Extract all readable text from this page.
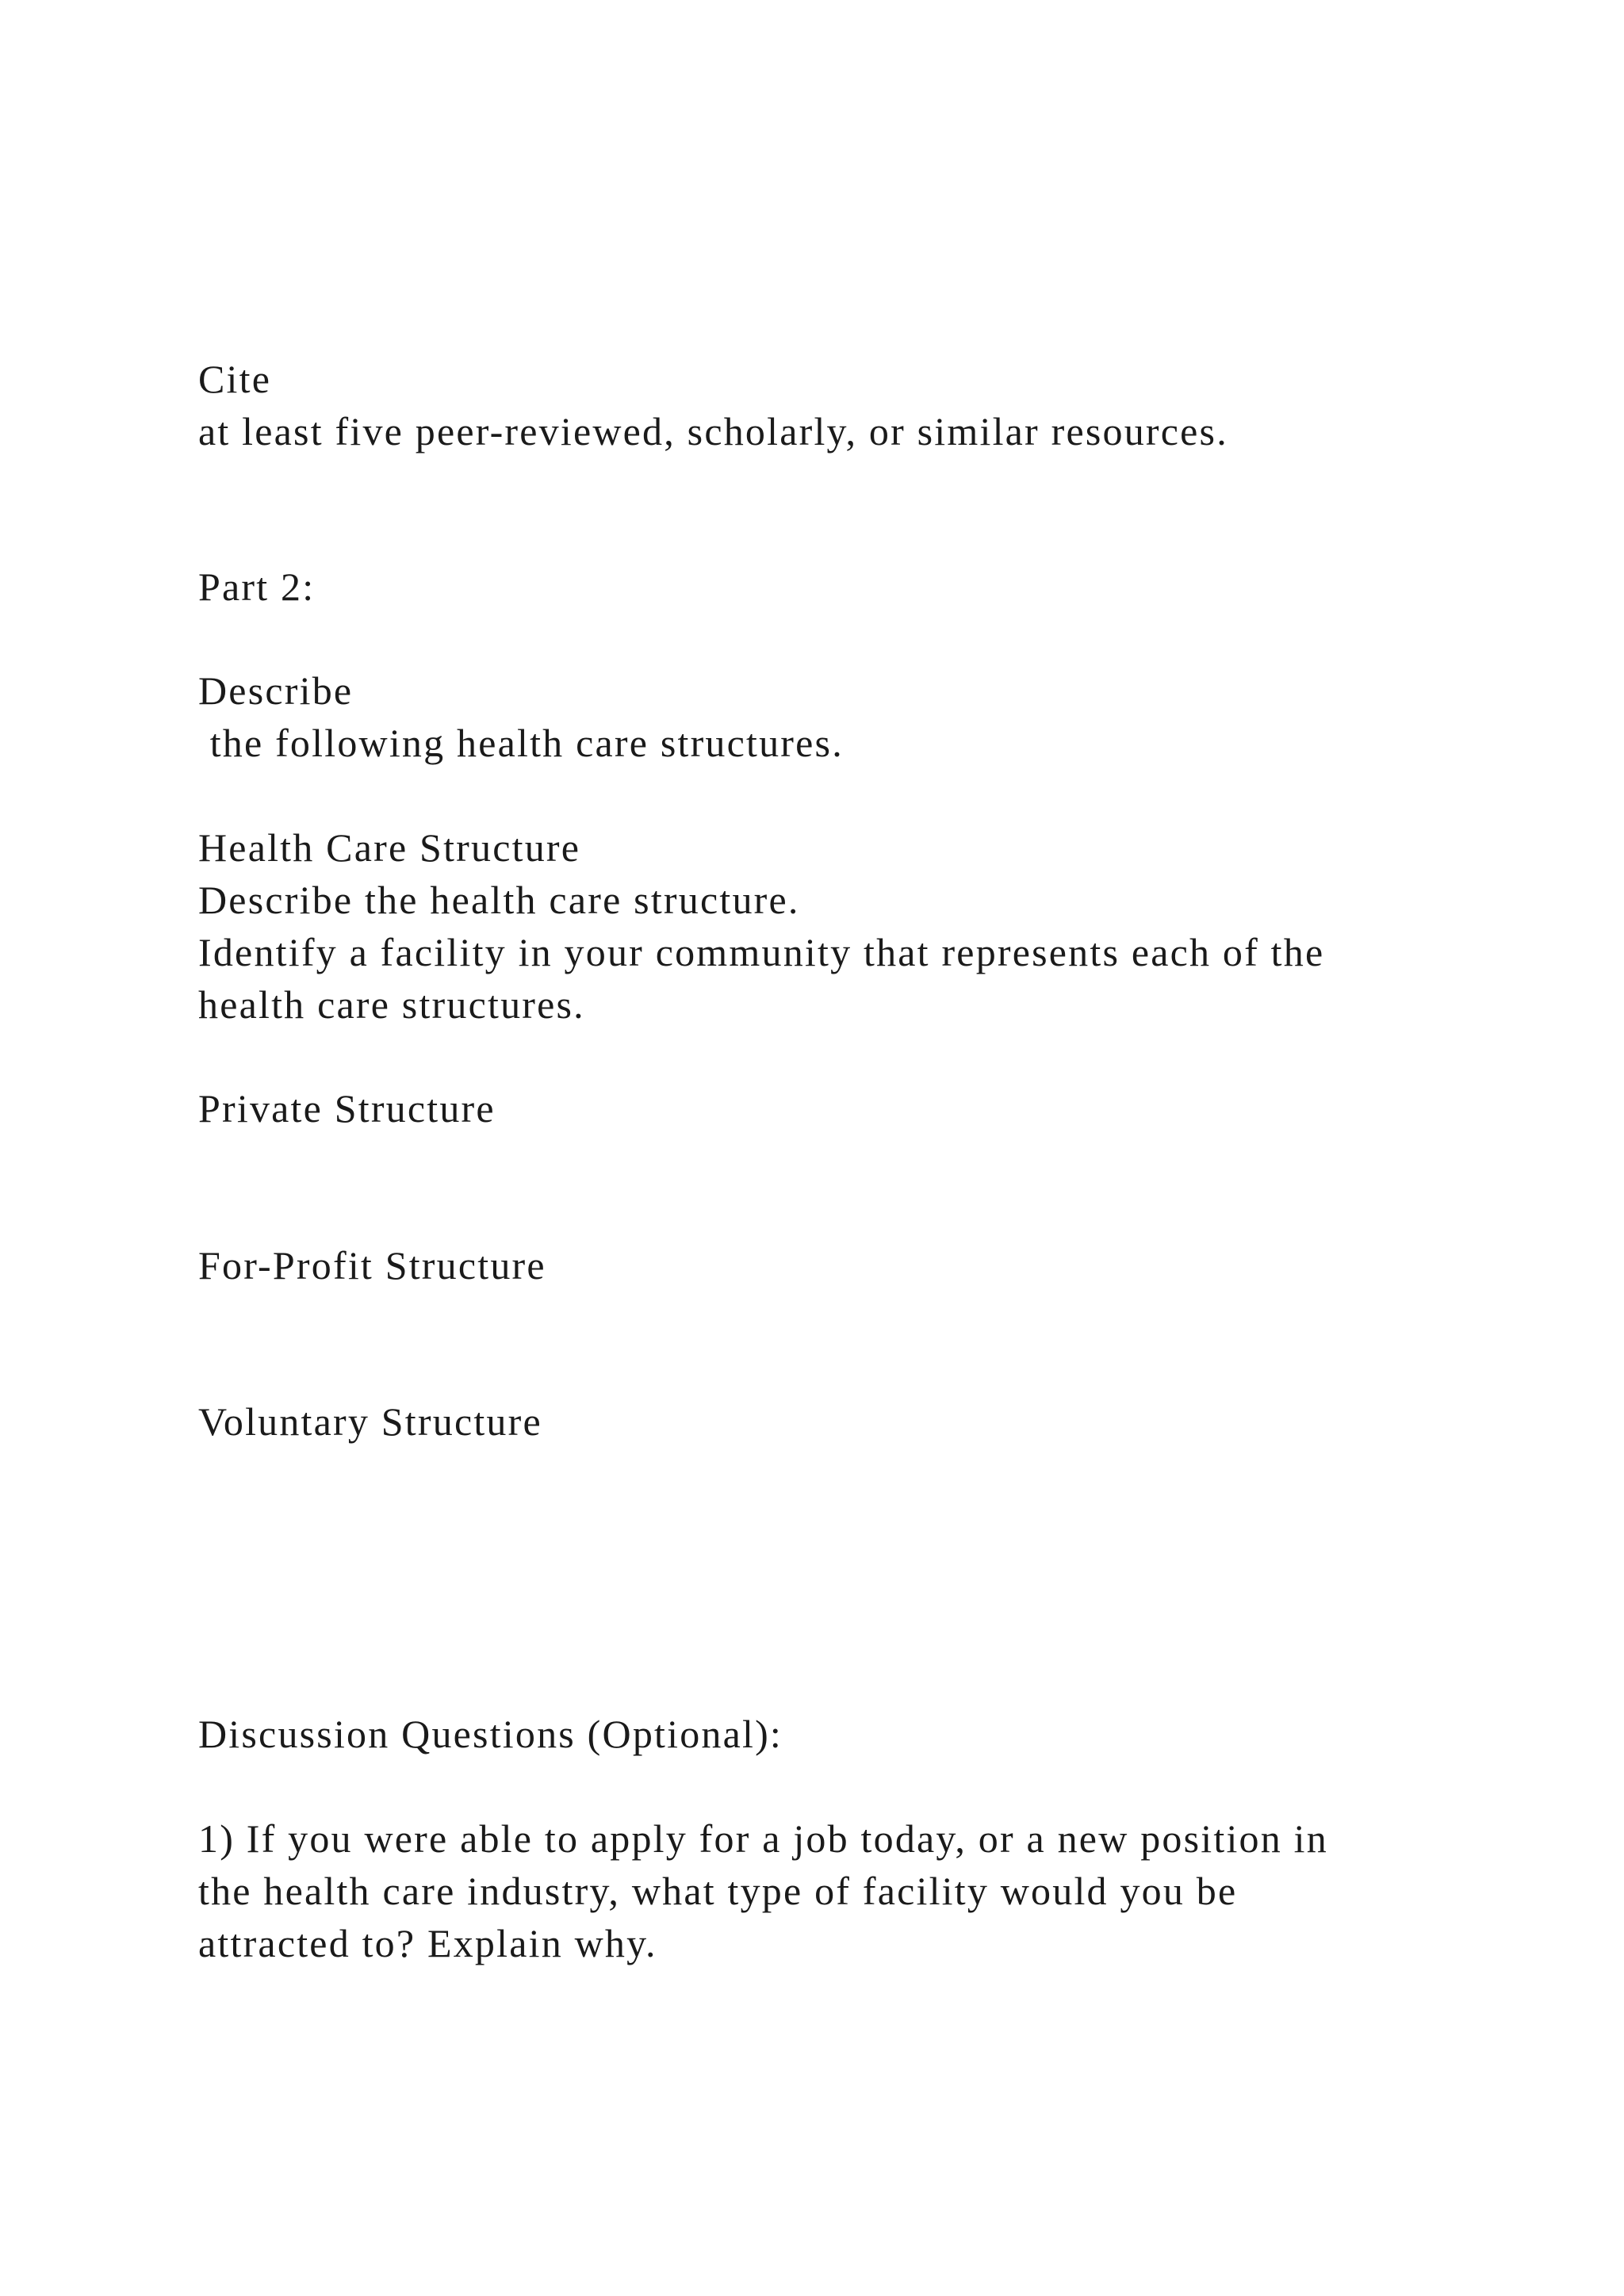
Cite

at least five peer-reviewed, scholarly, or similar resources.

Part 2:

Describe

the following health care structures.

Health Care Structure

Describe the health care structure.

Identify a facility in your community that represents each of the

health care structures.

Private Structure

For-Profit Structure

Voluntary Structure

Discussion Questions (Optional):

1) If you were able to apply for a job today, or a new position in

the health care industry, what type of facility would you be

attracted to? Explain why.
